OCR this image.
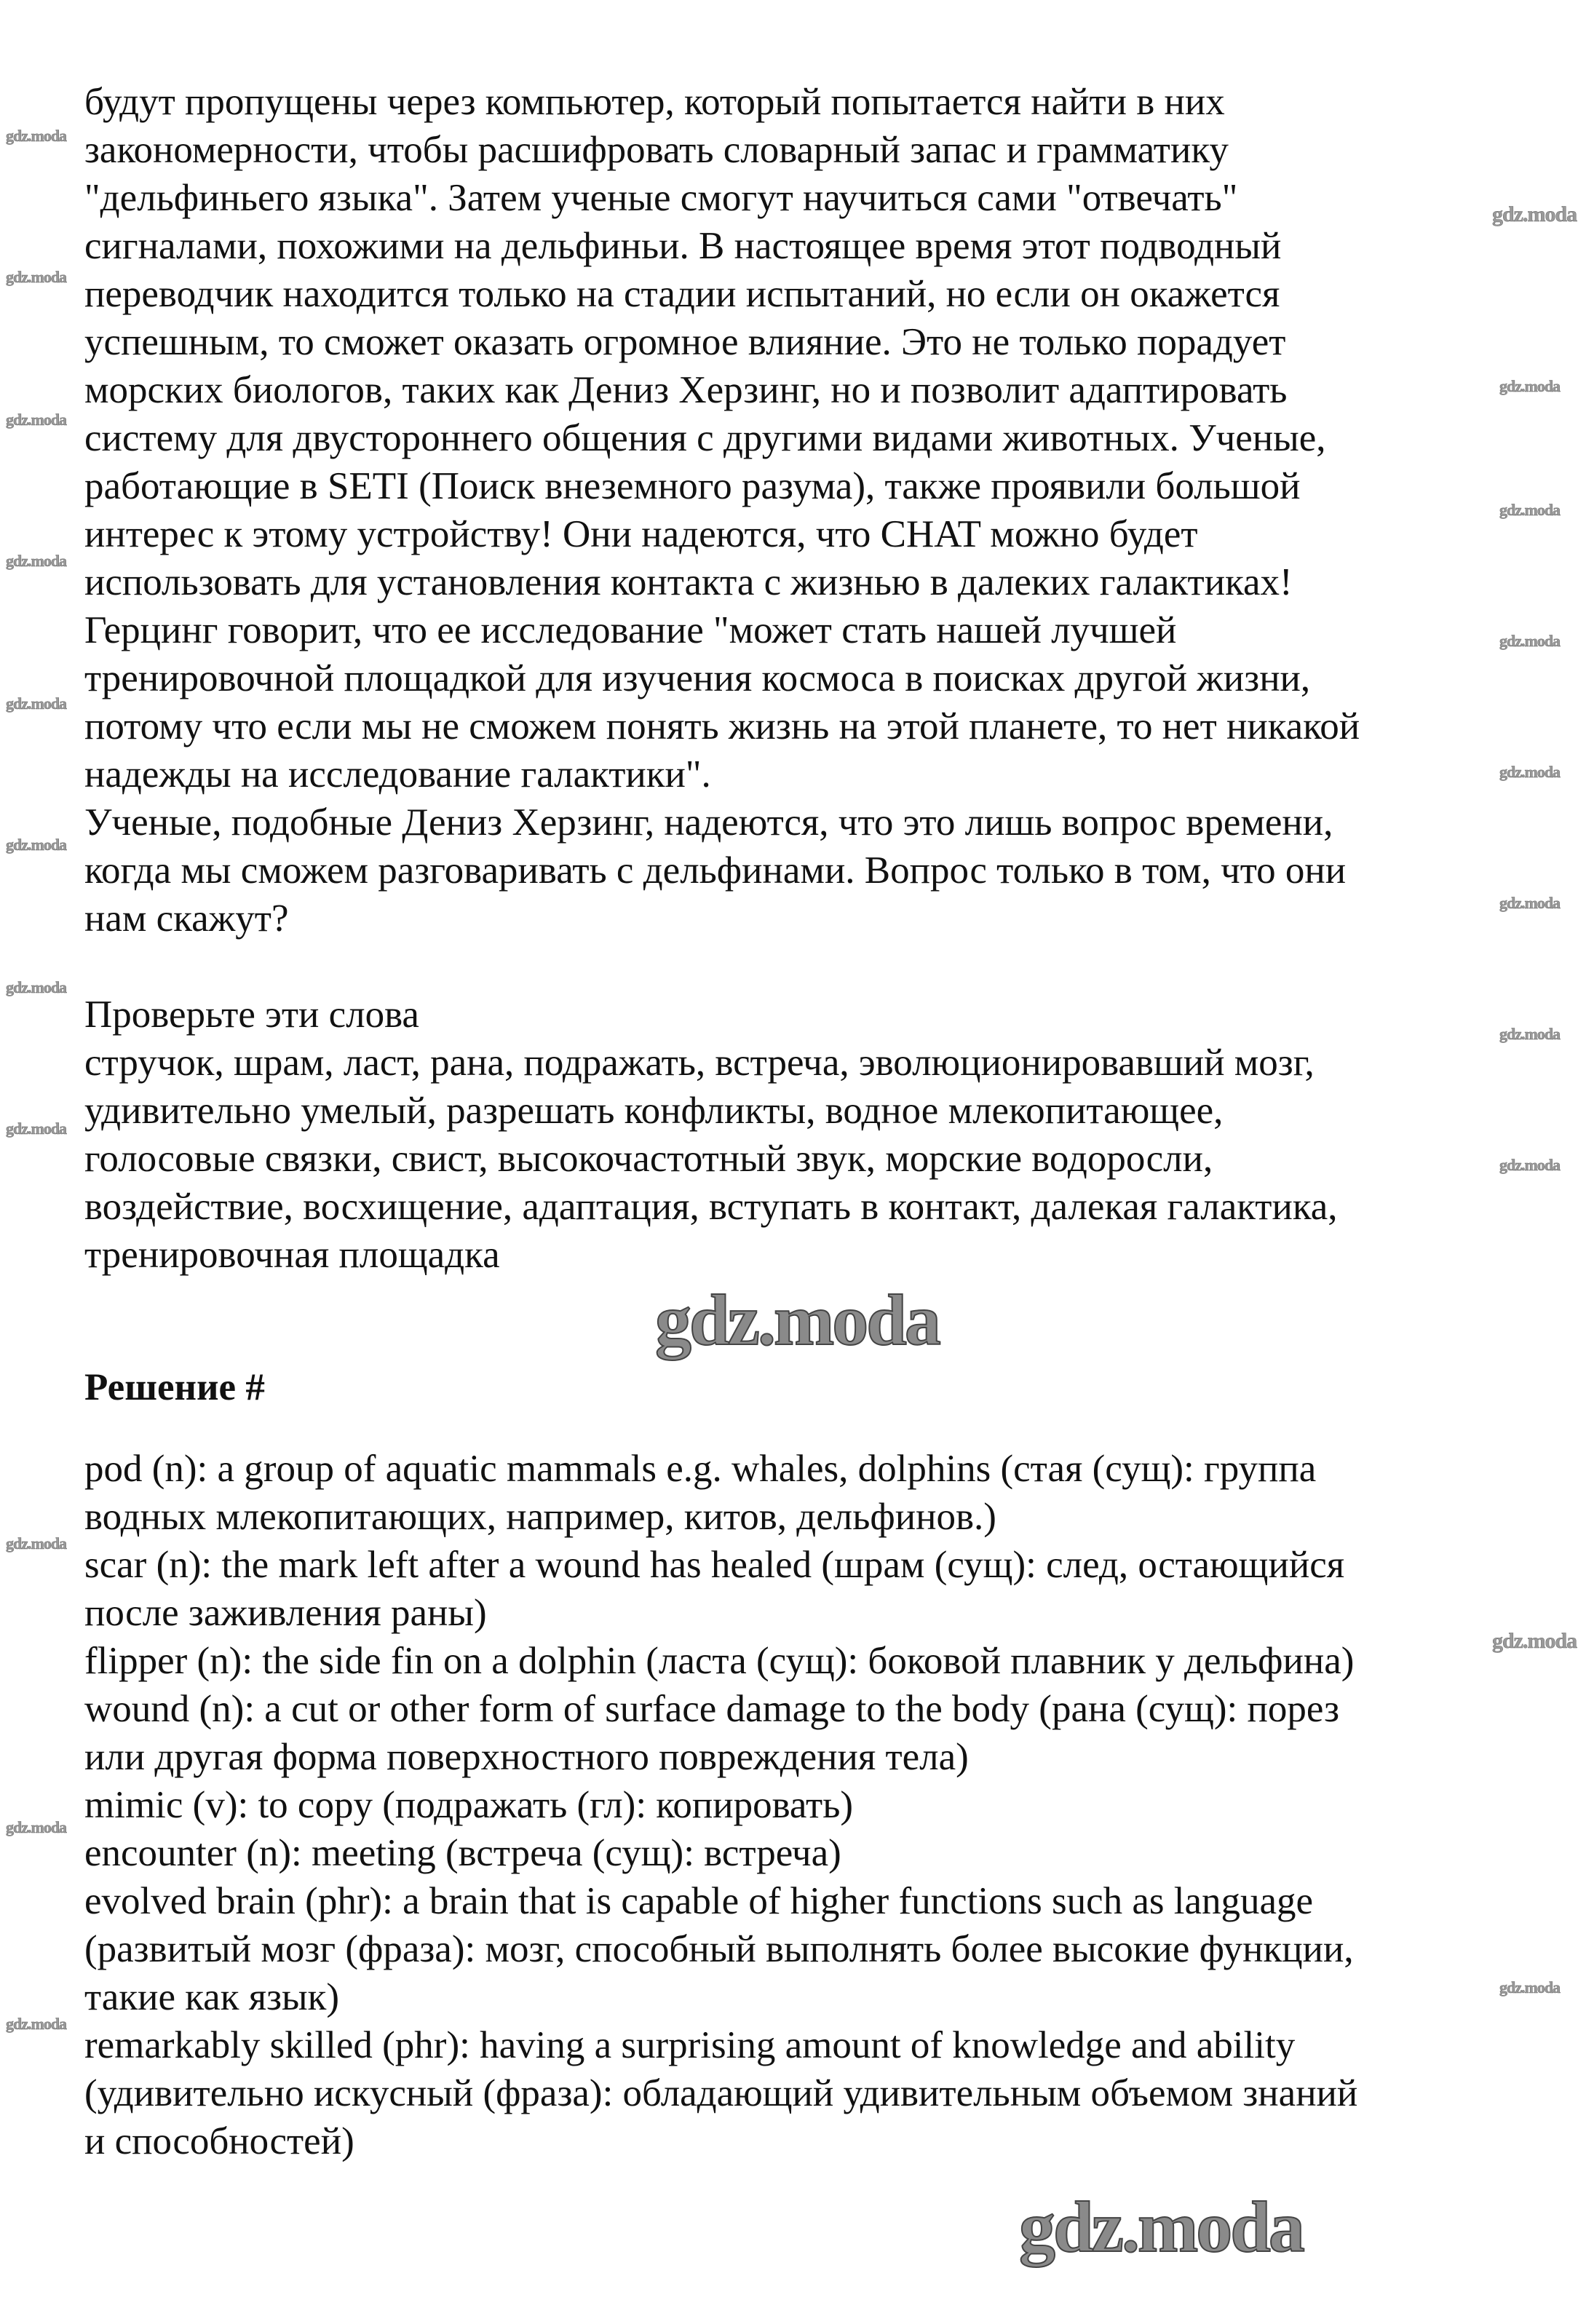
будут пропущены через компьютер, который попытается найти в них
закономерности, чтобы расшифровать словарный запас и грамматику
"дельфиньего языка". Затем ученые смогут научиться сами "отвечать"
сигналами, похожими на дельфиньи. В настоящее время этот подводный
переводчик находится только на стадии испытаний, но если он окажется
успешным, то сможет оказать огромное влияние. Это не только порадует
морских биологов, таких как Дениз Херзинг, но и позволит адаптировать
систему для двустороннего общения с другими видами животных. Ученые,
работающие в SETI (Поиск внеземного разума), также проявили большой
интерес к этому устройству! Они надеются, что CHAT можно будет
использовать для установления контакта с жизнью в далеких галактиках!
Герцинг говорит, что ее исследование "может стать нашей лучшей
тренировочной площадкой для изучения космоса в поисках другой жизни,
потому что если мы не сможем понять жизнь на этой планете, то нет никакой
надежды на исследование галактики".
Ученые, подобные Дениз Херзинг, надеются, что это лишь вопрос времени,
когда мы сможем разговаривать с дельфинами. Вопрос только в том, что они
нам скажут?
Проверьте эти слова
стручок, шрам, ласт, рана, подражать, встреча, эволюционировавший мозг,
удивительно умелый, разрешать конфликты, водное млекопитающее,
голосовые связки, свист, высокочастотный звук, морские водоросли,
воздействие, восхищение, адаптация, вступать в контакт, далекая галактика,
тренировочная площадка
Решение #
pod (n): a group of aquatic mammals e.g. whales, dolphins (стая (сущ): группа
водных млекопитающих, например, китов, дельфинов.)
scar (n): the mark left after a wound has healed (шрам (сущ): след, остающийся
после заживления раны)
flipper (n): the side fin on a dolphin (ласта (сущ): боковой плавник у дельфина)
wound (n): a cut or other form of surface damage to the body (рана (сущ): порез
или другая форма поверхностного повреждения тела)
mimic (v): to copy (подражать (гл): копировать)
encounter (n): meeting (встреча (сущ): встреча)
evolved brain (phr): a brain that is capable of higher functions such as language
(развитый мозг (фраза): мозг, способный выполнять более высокие функции,
такие как язык)
remarkably skilled (phr): having a surprising amount of knowledge and ability
(удивительно искусный (фраза): обладающий удивительным объемом знаний
и способностей)
gdz.moda
gdz.moda
gdz.moda
gdz.moda
gdz.moda
gdz.moda
gdz.moda
gdz.moda
gdz.moda
gdz.moda
gdz.moda
gdz.moda
gdz.moda
gdz.moda
gdz.moda
gdz.moda
gdz.moda
gdz.moda
gdz.moda
gdz.moda
gdz.moda
gdz.moda
gdz.moda
